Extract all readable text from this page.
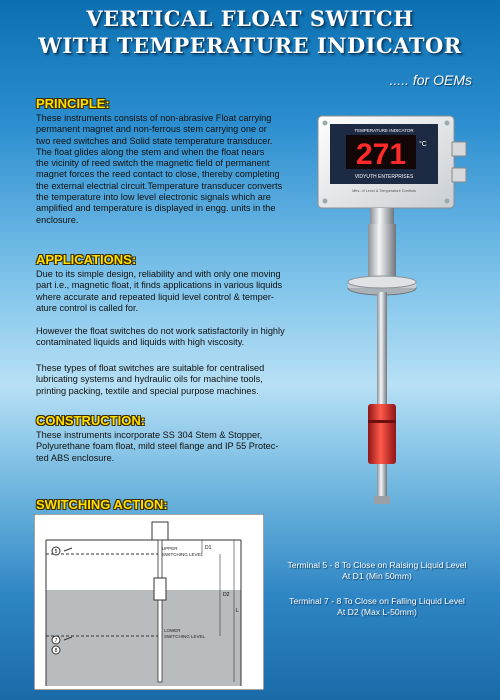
VERTICAL FLOAT SWITCH
WITH TEMPERATURE INDICATOR
..... for OEMs
PRINCIPLE:
These instruments consists of non-abrasive Float carrying
permanent magnet and non-ferrous stem carrying one or
two reed switches and Solid state temperature transducer.
The float glides along the stem and when the float nears
the vicinity of reed switch the magnetic field of permanent
magnet forces the reed contact to close, thereby completing
the external electrial circuit.Temperature transducer converts
the temperature into low level electronic signals which are
amplified and temperature is displayed in engg. units in the
enclosure.
APPLICATIONS:
Due to its simple design, reliability and with only one moving
part i.e., magnetic float, it finds applications in various liquids
where accurate and repeated liquid level control & temper-
ature control is called for.
However the float switches do not work satisfactorily in highly
contaminated liquids and liquids with high viscosity.
These types of float switches are suitable for centralised
lubricating systems and hydraulic oils for machine tools,
printing packing, textile and special purpose machines.
CONSTRUCTION:
These instruments incorporate SS 304 Stem & Stopper,
Polyurethane foam float, mild steel flange and IP 55 Protec-
ted ABS enclosure.
SWITCHING ACTION:
TEMPERATURE INDICATOR
271 °C
VIDYUTH ENTERPRISES
Mfrs. of Level & Temperature Controls
UPPER
SWITCHING LEVEL
LOWER
SWITCHING LEVEL
5
7
8
D1
D2
L
Terminal 5 - 8 To Close on Raising Liquid Level
At D1 (Min 50mm)
Terminal 7 - 8 To Close on Falling Liquid Level
At D2 (Max L-50mm)
